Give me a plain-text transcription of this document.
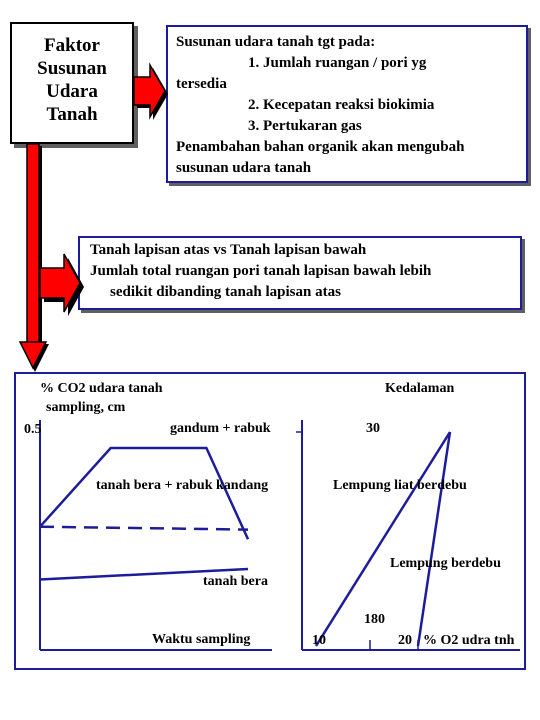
Faktor
Susunan
Udara
Tanah
Susunan udara tanah tgt pada:
1. Jumlah ruangan / pori yg
tersedia
2. Kecepatan reaksi biokimia
3. Pertukaran gas
Penambahan bahan organik akan mengubah
susunan udara tanah
Tanah lapisan atas vs Tanah lapisan bawah
Jumlah total ruangan pori tanah lapisan bawah lebih
sedikit dibanding tanah lapisan atas
% CO2 udara tanah
sampling, cm
0.5	gandum + rabuk
tanah bera + rabuk kandang
tanah bera
Waktu sampling
Kedalaman
30
Lempung liat berdebu
Lempung berdebu
180
10	20 % O2 udra tnh
